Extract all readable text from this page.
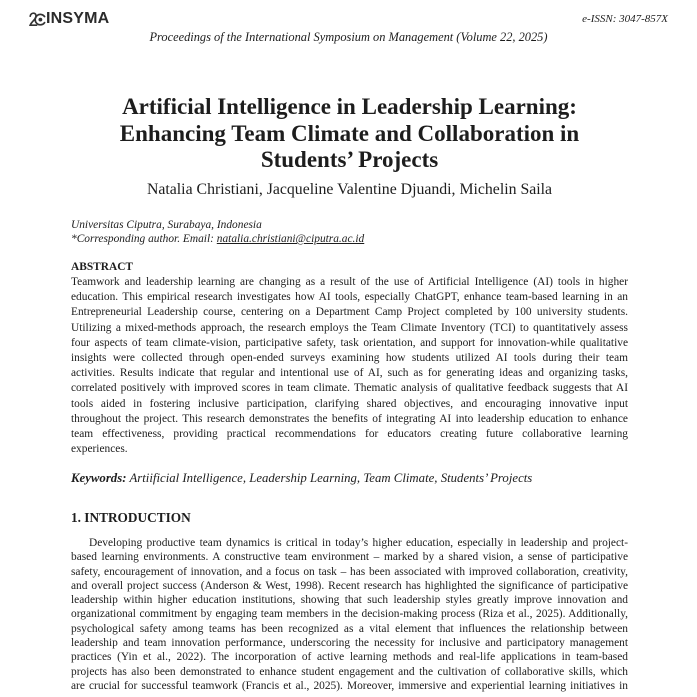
INSYMA	e-ISSN: 3047-857X
Proceedings of the International Symposium on Management (Volume 22, 2025)
Artificial Intelligence in Leadership Learning:
Enhancing Team Climate and Collaboration in
Students’ Projects
Natalia Christiani, Jacqueline Valentine Djuandi, Michelin Saila
Universitas Ciputra, Surabaya, Indonesia
*Corresponding author. Email: natalia.christiani@ciputra.ac.id
ABSTRACT
Teamwork and leadership learning are changing as a result of the use of Artificial Intelligence (AI) tools in higher
education. This empirical research investigates how AI tools, especially ChatGPT, enhance team-based learning in an
Entrepreneurial Leadership course, centering on a Department Camp Project completed by 100 university students.
Utilizing a mixed-methods approach, the research employs the Team Climate Inventory (TCI) to quantitatively assess
four aspects of team climate-vision, participative safety, task orientation, and support for innovation-while qualitative
insights were collected through open-ended surveys examining how students utilized AI tools during their team
activities. Results indicate that regular and intentional use of AI, such as for generating ideas and organizing tasks,
correlated positively with improved scores in team climate. Thematic analysis of qualitative feedback suggests that AI
tools aided in fostering inclusive participation, clarifying shared objectives, and encouraging innovative input
throughout the project. This research demonstrates the benefits of integrating AI into leadership education to enhance
team effectiveness, providing practical recommendations for educators creating future collaborative learning
experiences.
Keywords: Artiificial Intelligence, Leadership Learning, Team Climate, Students’ Projects
1. INTRODUCTION
Developing productive team dynamics is critical in today’s higher education, especially in leadership and project-
based learning environments. A constructive team environment – marked by a shared vision, a sense of participative
safety, encouragement of innovation, and a focus on task – has been associated with improved collaboration, creativity,
and overall project success (Anderson & West, 1998). Recent research has highlighted the significance of participative
leadership within higher education institutions, showing that such leadership styles greatly improve innovation and
organizational commitment by engaging team members in the decision-making process (Riza et al., 2025). Additionally,
psychological safety among teams has been recognized as a vital element that influences the relationship between
leadership and team innovation performance, underscoring the necessity for inclusive and participatory management
practices (Yin et al., 2022). The incorporation of active learning methods and real-life applications in team-based
projects has also been demonstrated to enhance student engagement and the cultivation of collaborative skills, which
are crucial for successful teamwork (Francis et al., 2025). Moreover, immersive and experiential learning initiatives in
